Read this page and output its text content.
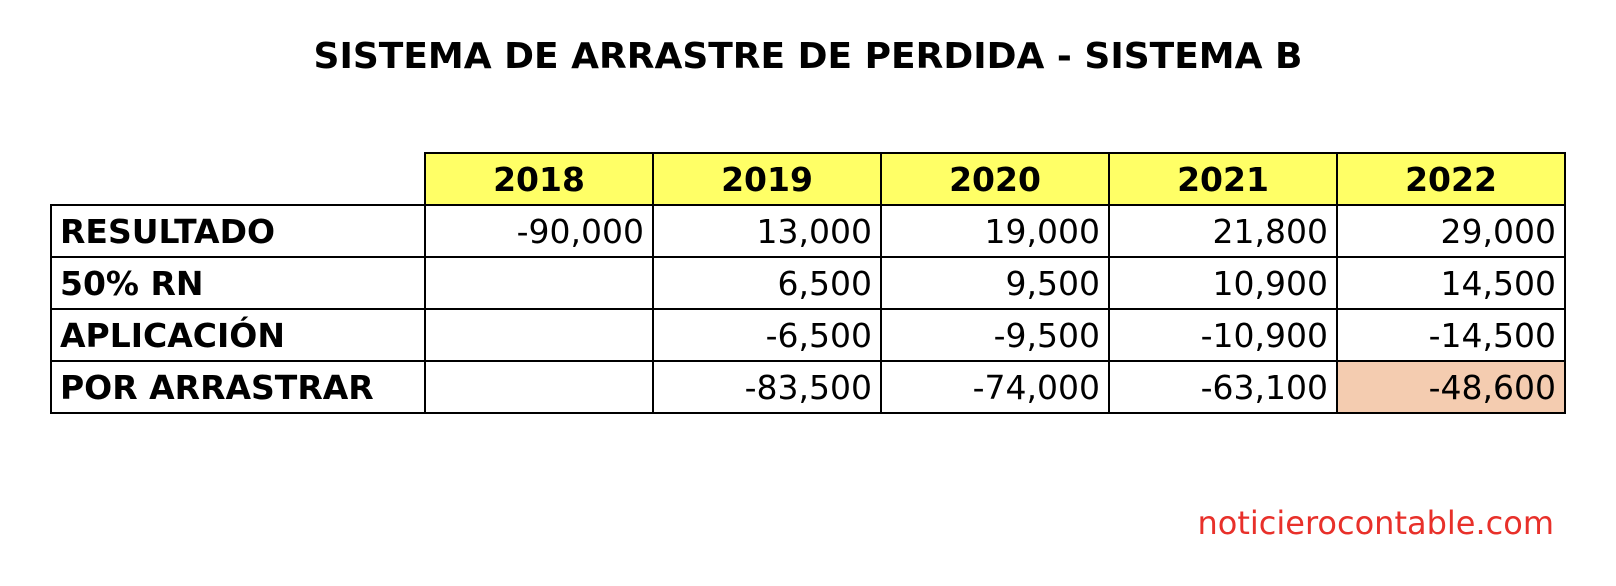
SISTEMA DE ARRASTRE DE PERDIDA - SISTEMA B
	2018	2019	2020	2021	2022
RESULTADO	-90,000	13,000	19,000	21,800	29,000
50% RN		6,500	9,500	10,900	14,500
APLICACIÓN		-6,500	-9,500	-10,900	-14,500
POR ARRASTRAR		-83,500	-74,000	-63,100	-48,600
noticierocontable.com
